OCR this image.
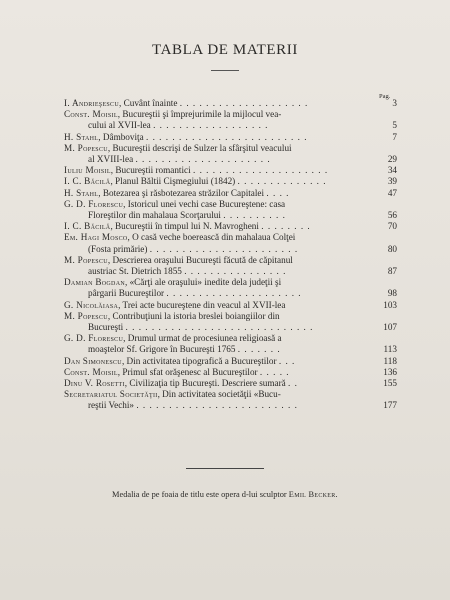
TABLA DE MATERII
Pag.
I. Andrieşescu, Cuvânt înainte . . . . . . . . . . . . . . . . . . . .	3
Const. Moisil, Bucureştii şi împrejurimile la mijlocul vea-
cului al XVII-lea . . . . . . . . . . . . . . . . . .	5
H. Stahl, Dâmboviţa . . . . . . . . . . . . . . . . . . . . . . . . .	7
M. Popescu, Bucureştii descrişi de Sulzer la sfârşitul veacului
al XVIII-lea . . . . . . . . . . . . . . . . . . . . .	29
Iuliu Moisil, Bucureştii romantici . . . . . . . . . . . . . . . . . . . . .	34
I. C. Băcilă, Planul Băltii Cişmegiului (1842) . . . . . . . . . . . . . .	39
H. Stahl, Botezarea şi răsbotezarea străzilor Capitalei . . . .	47
G. D. Florescu, Istoricul unei vechi case Bucureştene: casa
Floreştilor din mahalaua Scorţarului . . . . . . . . . .	56
I. C. Băcilă, Bucureştii în timpul lui N. Mavrogheni . . . . . . . .	70
Em. Hagi Mosco, O casă veche boerească din mahalaua Colţei
(Fosta primărie) . . . . . . . . . . . . . . . . . . . . . . .	80
M. Popescu, Descrierea oraşului Bucureşti făcută de căpitanul
austriac St. Dietrich 1855 . . . . . . . . . . . . . . . .	87
Damian Bogdan, «Cărţi ale oraşului» inedite dela judeţii şi
pârgarii Bucureştilor . . . . . . . . . . . . . . . . . . . . .	98
G. Nicolăiasa, Trei acte bucureştene din veacul al XVII-lea	103
M. Popescu, Contribuţiuni la istoria breslei boiangiilor din
Bucureşti . . . . . . . . . . . . . . . . . . . . . . . . . . . . .	107
G. D. Florescu, Drumul urmat de procesiunea religioasă a
moaştelor Sf. Grigore în Bucureşti 1765 . . . . . . .	113
Dan Simonescu, Din activitatea tipografică a Bucureştilor . . .	118
Const. Moisil, Primul sfat orăşenesc al Bucureştilor . . . . .	136
Dinu V. Rosetti, Civilizaţia tip Bucureşti. Descriere sumară . .	155
Secretariatul Societăţii, Din activitatea societăţii «Bucu-
reştii Vechi» . . . . . . . . . . . . . . . . . . . . . . . . .	177
Medalia de pe foaia de titlu este opera d-lui sculptor Emil Becker.
